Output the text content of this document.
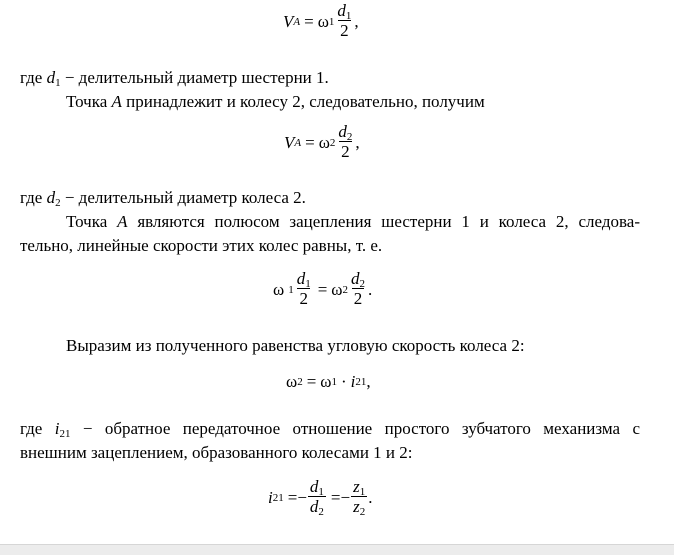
V A = ω $1 \frac{d_1}{2}$ ,
где $d_1$ − делительный диаметр шестерни 1.
Точка A принадлежит и колесу 2, следовательно, получим
V A = ω $2 \frac{d_2}{2}$ ,
где $d_2$ − делительный диаметр колеса 2.
Точка A являются полюсом зацепления шестерни 1 и колеса 2, следова-
тельно, линейные скорости этих колес равны, т. е.
ω $1 \frac{d_1}{2} = \omega$ $2 \frac{d_2}{2}$ .
Выразим из полученного равенства угловую скорость колеса 2:
ω 2 = ω 1 · i 21 ,
где $i_{21}$ − обратное передаточное отношение простого зубчатого механизма с
внешним зацеплением, образованного колесами 1 и 2:
i 21 = − $\frac{d_1}{d_2}$ = − $\frac{z_1}{z_2}$ .
